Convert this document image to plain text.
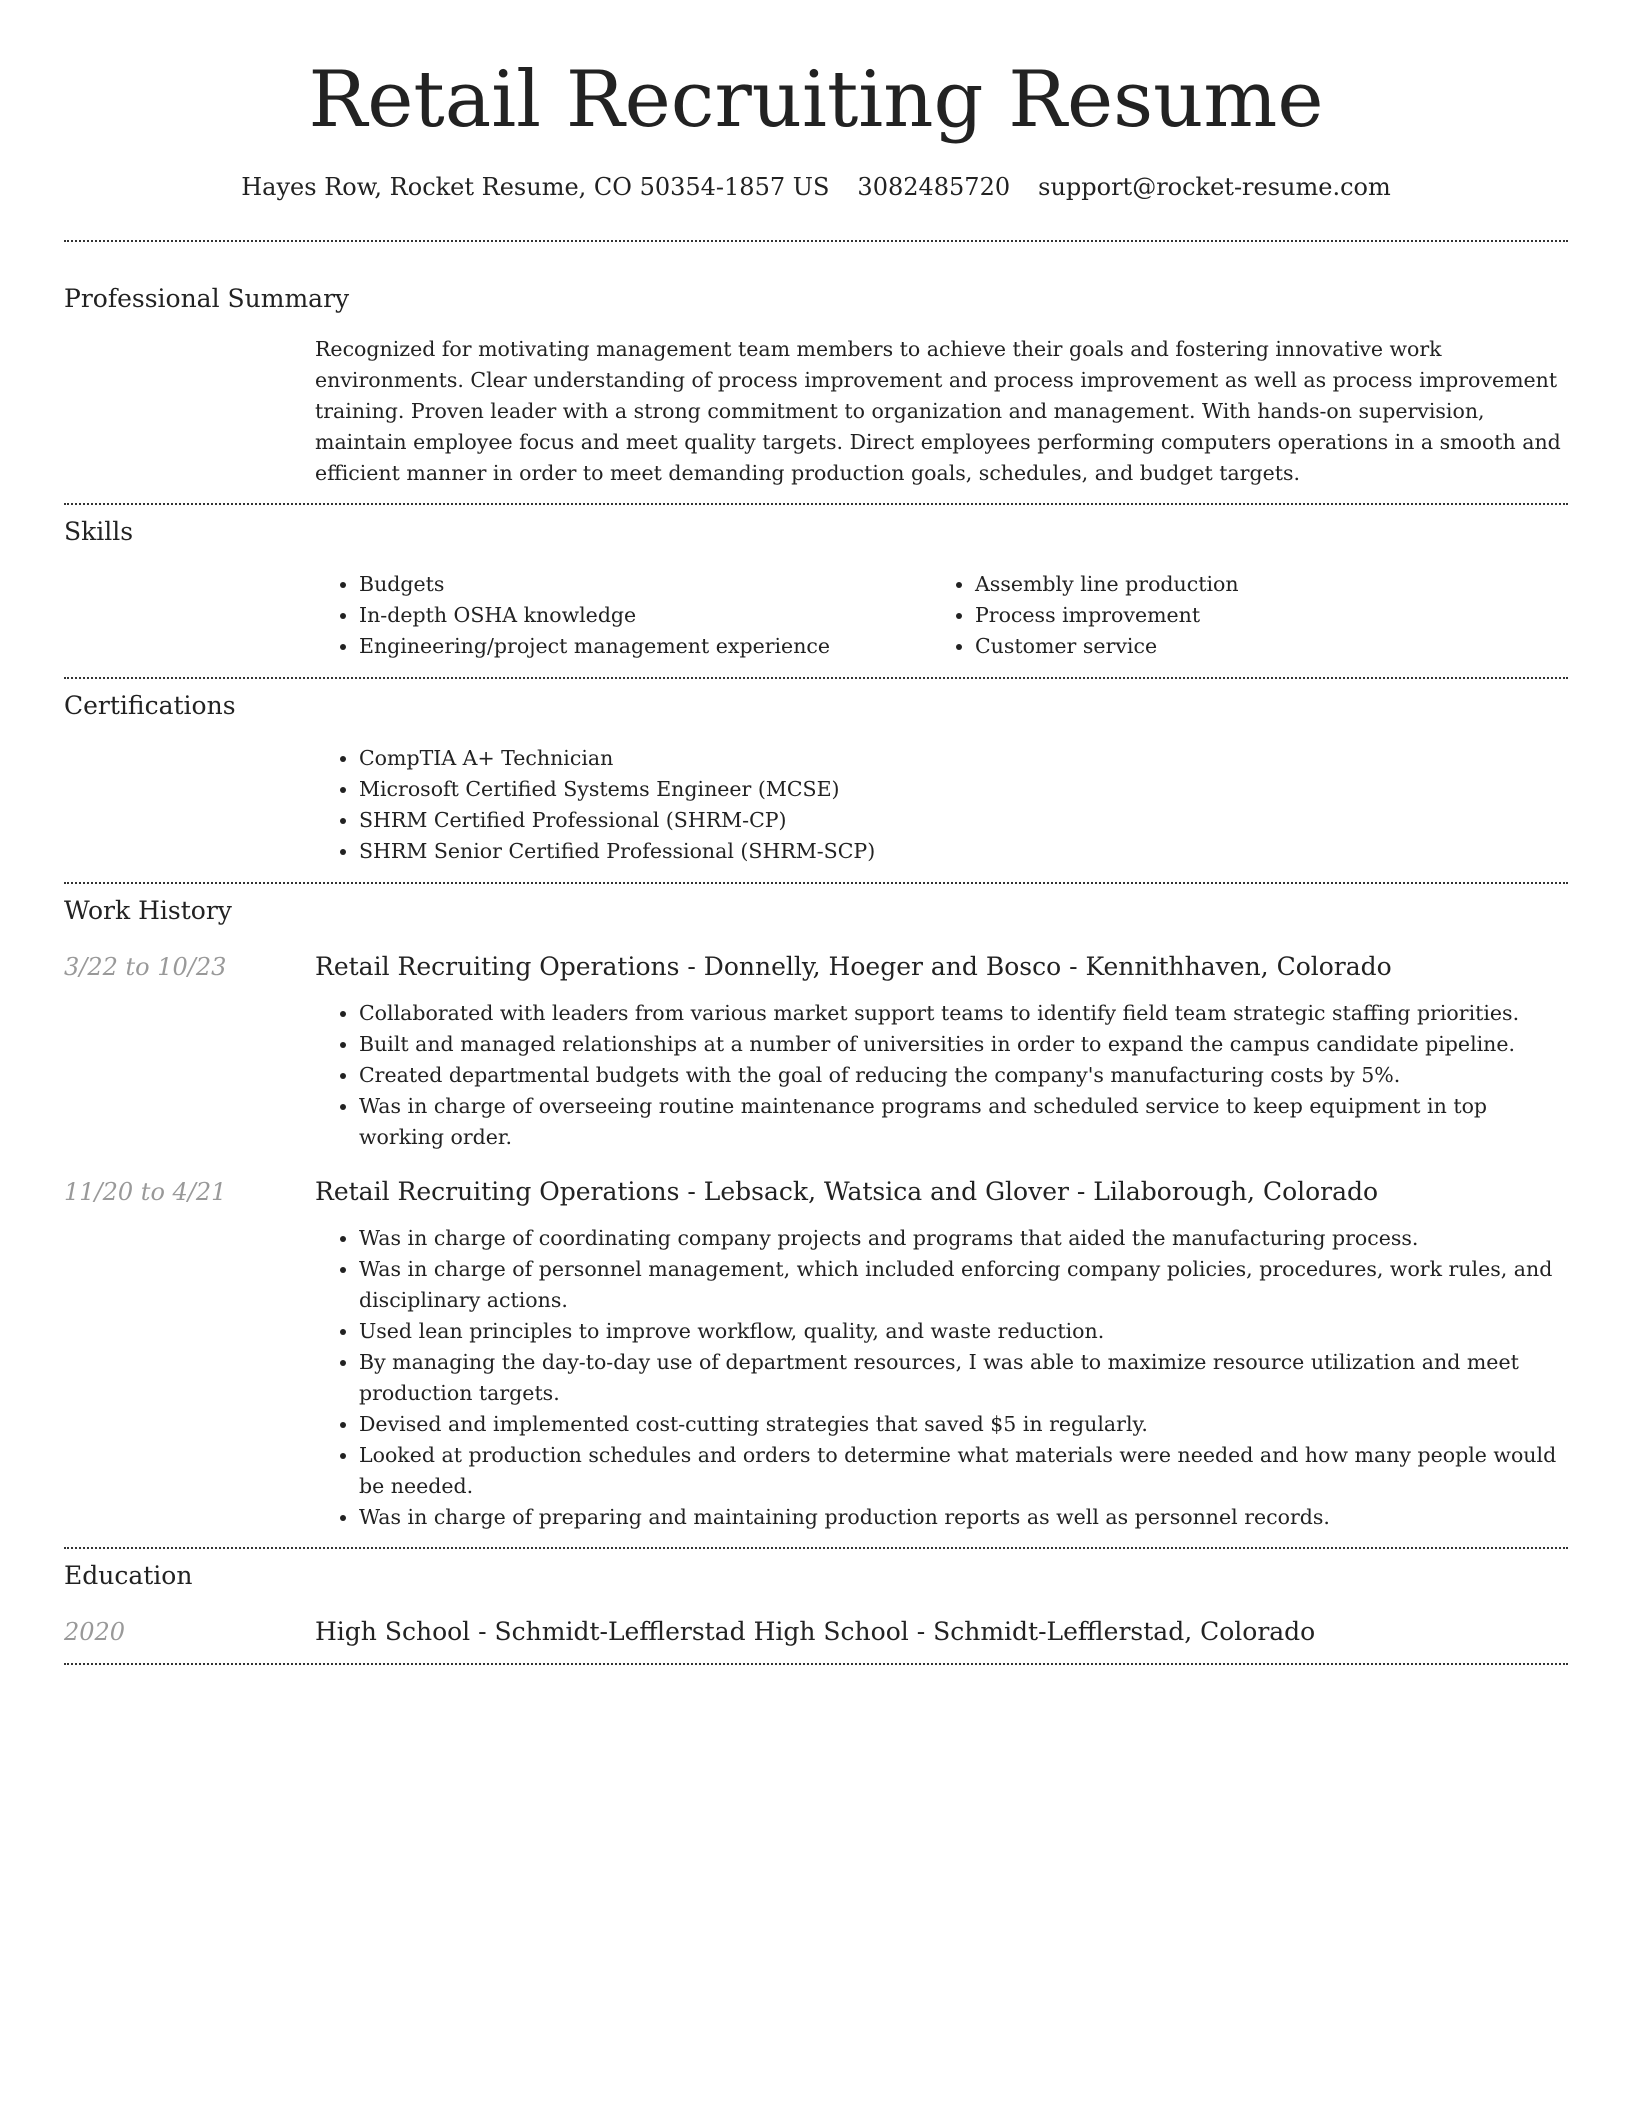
Retail Recruiting Resume
Hayes Row, Rocket Resume, CO 50354-1857 US 3082485720 support@rocket-resume.com
Professional Summary

Recognized for motivating management team members to achieve their goals and fostering innovative work environments. Clear understanding of process improvement and process improvement as well as process improvement training. Proven leader with a strong commitment to organization and management. With hands-on supervision, maintain employee focus and meet quality targets. Direct employees performing computers operations in a smooth and efficient manner in order to meet demanding production goals, schedules, and budget targets.

Skills
• Budgets
• In-depth OSHA knowledge
• Engineering/project management experience
• Assembly line production
• Process improvement
• Customer service
Certifications
• CompTIA A+ Technician
• Microsoft Certified Systems Engineer (MCSE)
• SHRM Certified Professional (SHRM-CP)
• SHRM Senior Certified Professional (SHRM-SCP)
Work History
3/22 to 10/23	Retail Recruiting Operations - Donnelly, Hoeger and Bosco - Kennithhaven, Colorado
• Collaborated with leaders from various market support teams to identify field team strategic staffing priorities.
• Built and managed relationships at a number of universities in order to expand the campus candidate pipeline.
• Created departmental budgets with the goal of reducing the company's manufacturing costs by 5%.
• Was in charge of overseeing routine maintenance programs and scheduled service to keep equipment in top working order.
11/20 to 4/21	Retail Recruiting Operations - Lebsack, Watsica and Glover - Lilaborough, Colorado
• Was in charge of coordinating company projects and programs that aided the manufacturing process.
• Was in charge of personnel management, which included enforcing company policies, procedures, work rules, and disciplinary actions.
• Used lean principles to improve workflow, quality, and waste reduction.
• By managing the day-to-day use of department resources, I was able to maximize resource utilization and meet production targets.
• Devised and implemented cost-cutting strategies that saved $5 in regularly.
• Looked at production schedules and orders to determine what materials were needed and how many people would be needed.
• Was in charge of preparing and maintaining production reports as well as personnel records.
Education
2020	High School - Schmidt-Lefflerstad High School - Schmidt-Lefflerstad, Colorado
